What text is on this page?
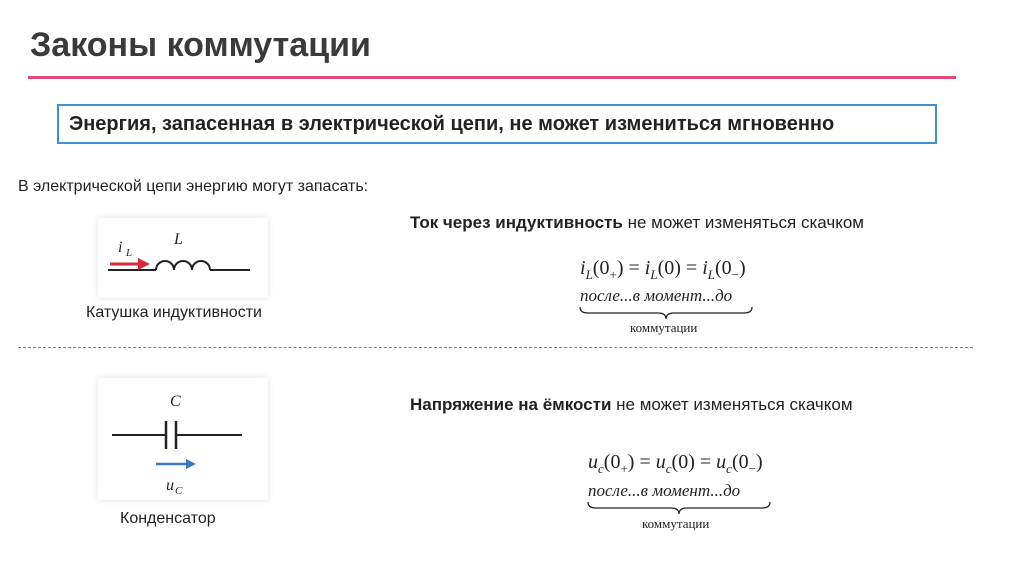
Законы коммутации
Энергия, запасенная в электрической цепи, не может измениться мгновенно
В электрической цепи энергию могут запасать:
i L
L
Катушка индуктивности
Ток через индуктивность не может изменяться скачком
$i_L(0_+) = i_L(0) = i_L(0_-)$
после...в момент...до
коммутации
C
u C
Конденсатор
Напряжение на ёмкости не может изменяться скачком
$u_c(0_+) = u_c(0) = u_c(0_-)$
после...в момент...до
коммутации
